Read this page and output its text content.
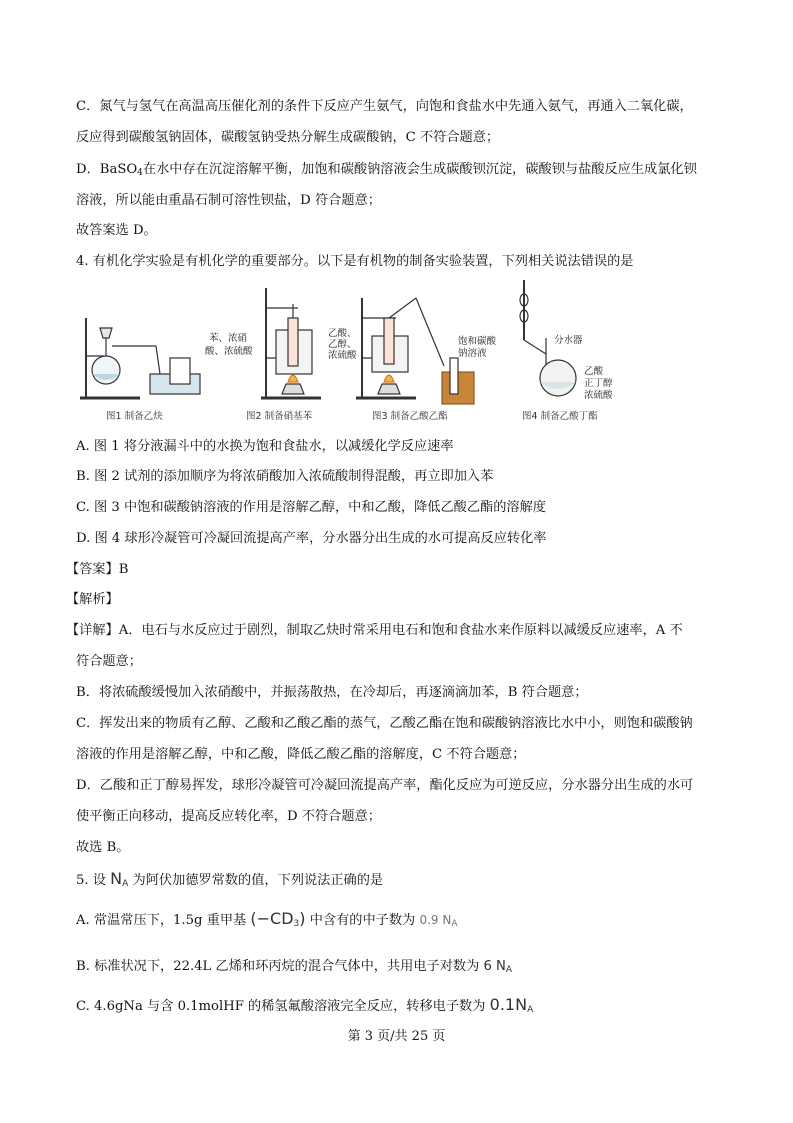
C．氮气与氢气在高温高压催化剂的条件下反应产生氨气，向饱和食盐水中先通入氨气，再通入二氧化碳，
反应得到碳酸氢钠固体，碳酸氢钠受热分解生成碳酸钠，C 不符合题意；
D．BaSO$_4$在水中存在沉淀溶解平衡，加饱和碳酸钠溶液会生成碳酸钡沉淀，碳酸钡与盐酸反应生成氯化钡
溶液，所以能由重晶石制可溶性钡盐，D 符合题意；
故答案选 D。
4. 有机化学实验是有机化学的重要部分。以下是有机物的制备实验装置，下列相关说法错误的是
苯、浓硝
酸、浓硫酸
乙酸、
乙醇、
浓硫酸
饱和碳酸
钠溶液
分水器
乙酸
正丁醇
浓硫酸
图1 制备乙炔	图2 制备硝基苯	图3 制备乙酸乙酯	图4 制备乙酸丁酯
A. 图 1 将分液漏斗中的水换为饱和食盐水，以减缓化学反应速率
B. 图 2 试剂的添加顺序为将浓硝酸加入浓硫酸制得混酸，再立即加入苯
C. 图 3 中饱和碳酸钠溶液的作用是溶解乙醇，中和乙酸，降低乙酸乙酯的溶解度
D. 图 4 球形冷凝管可冷凝回流提高产率，分水器分出生成的水可提高反应转化率
【答案】B
【解析】
【详解】A．电石与水反应过于剧烈，制取乙炔时常采用电石和饱和食盐水来作原料以减缓反应速率，A 不
符合题意；
B．将浓硫酸缓慢加入浓硝酸中，并振荡散热，在冷却后，再逐滴滴加苯，B 符合题意；
C．挥发出来的物质有乙醇、乙酸和乙酸乙酯的蒸气，乙酸乙酯在饱和碳酸钠溶液比水中小，则饱和碳酸钠
溶液的作用是溶解乙醇，中和乙酸，降低乙酸乙酯的溶解度，C 不符合题意；
D．乙酸和正丁醇易挥发，球形冷凝管可冷凝回流提高产率，酯化反应为可逆反应，分水器分出生成的水可
使平衡正向移动，提高反应转化率，D 不符合题意；
故选 B。
5. 设 $N_A$ 为阿伏加德罗常数的值，下列说法正确的是
A. 常温常压下，1.5g 重甲基 $(-CD_3)$ 中含有的中子数为 0.9 $N_A$
B. 标准状况下，22.4L 乙烯和环丙烷的混合气体中，共用电子对数为 6 $N_A$
C. 4.6gNa 与含 0.1molHF 的稀氢氟酸溶液完全反应，转移电子数为 $0.1N_A$
第 3 页/共 25 页
